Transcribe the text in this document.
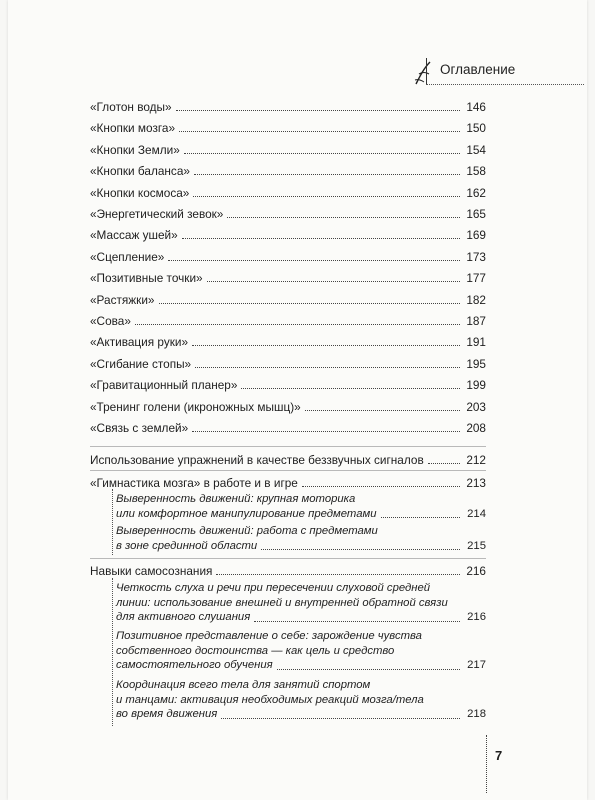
Оглавление
«Глотон воды»	146
«Кнопки мозга»	150
«Кнопки Земли»	154
«Кнопки баланса»	158
«Кнопки космоса»	162
«Энергетический зевок»	165
«Массаж ушей»	169
«Сцепление»	173
«Позитивные точки»	177
«Растяжки»	182
«Сова»	187
«Активация руки»	191
«Сгибание стопы»	195
«Гравитационный планер»	199
«Тренинг голени (икроножных мышц)»	203
«Связь с землей»	208
Использование упражнений в качестве беззвучных сигналов	212
«Гимнастика мозга» в работе и в игре	213
Выверенность движений: крупная моторика
или комфортное манипулирование предметами	214
Выверенность движений: работа с предметами
в зоне срединной области	215
Навыки самосознания	216
Четкость слуха и речи при пересечении слуховой средней
линии: использование внешней и внутренней обратной связи
для активного слушания	216
Позитивное представление о себе: зарождение чувства
собственного достоинства — как цель и средство
самостоятельного обучения	217
Координация всего тела для занятий спортом
и танцами: активация необходимых реакций мозга/тела
во время движения	218
7
